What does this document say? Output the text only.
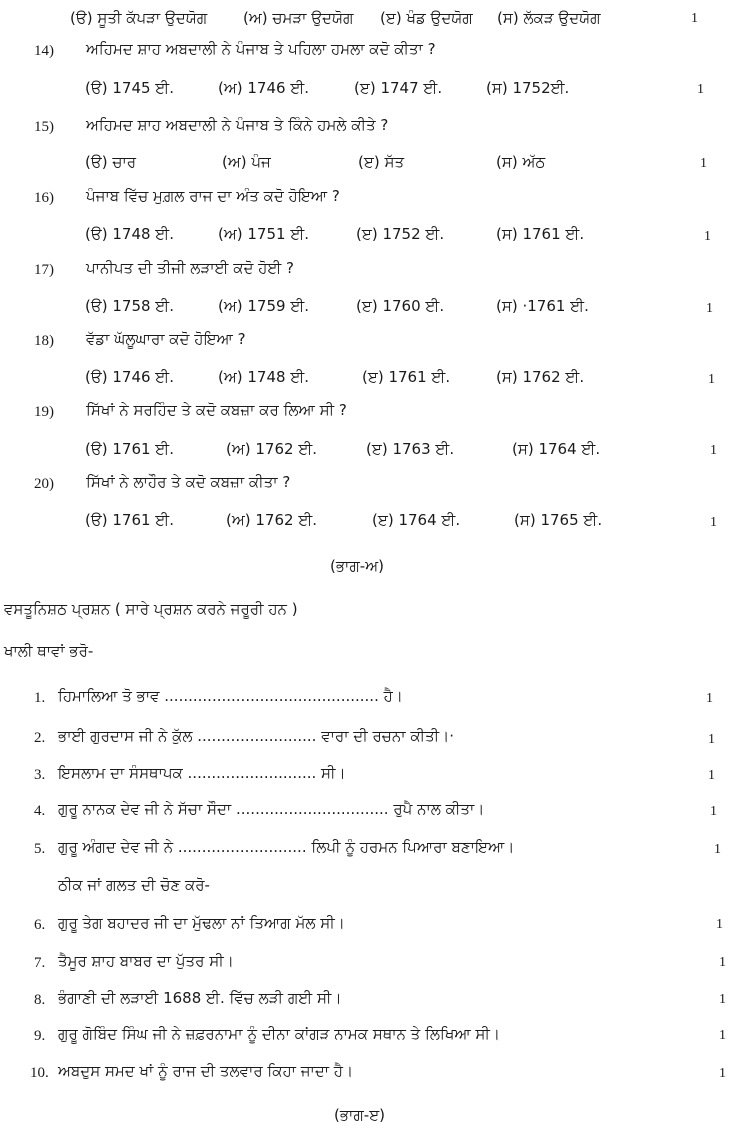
(ੳ) ਸੂਤੀ ਕੱਪੜਾ ਉਦਯੋਗ (ਅ) ਚਮੜਾ ਉਦਯੋਗ (ੲ) ਖੰਡ ਉਦਯੋਗ (ਸ) ਲੱਕੜ ਉਦਯੋਗ	1
14) ਅਹਿਮਦ ਸ਼ਾਹ ਅਬਦਾਲੀ ਨੇ ਪੰਜਾਬ ਤੇ ਪਹਿਲਾ ਹਮਲਾ ਕਦੋ ਕੀਤਾ ?
(ੳ) 1745 ਈ.	(ਅ) 1746 ਈ.	(ੲ) 1747 ਈ.	(ਸ) 1752ਈ.	1
15) ਅਹਿਮਦ ਸ਼ਾਹ ਅਬਦਾਲੀ ਨੇ ਪੰਜਾਬ ਤੇ ਕਿੰਨੇ ਹਮਲੇ ਕੀਤੇ ?
(ੳ) ਚਾਰ	(ਅ) ਪੰਜ	(ੲ) ਸੱਤ	(ਸ) ਅੱਠ	1
16) ਪੰਜਾਬ ਵਿੱਚ ਮੁਗ਼ਲ ਰਾਜ ਦਾ ਅੰਤ ਕਦੋ ਹੋਇਆ ?
(ੳ) 1748 ਈ.	(ਅ) 1751 ਈ.	(ੲ) 1752 ਈ.	(ਸ) 1761 ਈ.	1
17) ਪਾਨੀਪਤ ਦੀ ਤੀਜੀ ਲੜਾਈ ਕਦੋ ਹੋਈ ?
(ੳ) 1758 ਈ.	(ਅ) 1759 ਈ.	(ੲ) 1760 ਈ.	(ਸ) ·1761 ਈ.	1
18) ਵੱਡਾ ਘੱਲੂਘਾਰਾ ਕਦੋ ਹੋਇਆ ?
(ੳ) 1746 ਈ.	(ਅ) 1748 ਈ.	(ੲ) 1761 ਈ.	(ਸ) 1762 ਈ.	1
19) ਸਿੱਖਾਂ ਨੇ ਸਰਹਿੰਦ ਤੇ ਕਦੋ ਕਬਜ਼ਾ ਕਰ ਲਿਆ ਸੀ ?
(ੳ) 1761 ਈ.	(ਅ) 1762 ਈ.	(ੲ) 1763 ਈ.	(ਸ) 1764 ਈ.	1
20) ਸਿੱਖਾਂ ਨੇ ਲਾਹੌਰ ਤੇ ਕਦੋ ਕਬਜ਼ਾ ਕੀਤਾ ?
(ੳ) 1761 ਈ.	(ਅ) 1762 ਈ.	(ੲ) 1764 ਈ.	(ਸ) 1765 ਈ.	1
(ਭਾਗ-ਅ)
ਵਸਤੂਨਿਸ਼ਠ ਪ੍ਰਸ਼ਨ ( ਸਾਰੇ ਪ੍ਰਸ਼ਨ ਕਰਨੇ ਜਰੂਰੀ ਹਨ )
ਖਾਲੀ ਥਾਵਾਂ ਭਰੋ-
1. ਹਿਮਾਲਿਆ ਤੋ ਭਾਵ ............................................. ਹੈ।	1
2. ਭਾਈ ਗੁਰਦਾਸ ਜੀ ਨੇ ਕੁੱਲ ......................... ਵਾਰਾ ਦੀ ਰਚਨਾ ਕੀਤੀ।·	1
3. ਇਸਲਾਮ ਦਾ ਸੰਸਥਾਪਕ ........................... ਸੀ।	1
4. ਗੁਰੂ ਨਾਨਕ ਦੇਵ ਜੀ ਨੇ ਸੱਚਾ ਸੌਦਾ ................................ ਰੁਪੈ ਨਾਲ ਕੀਤਾ।	1
5. ਗੁਰੂ ਅੰਗਦ ਦੇਵ ਜੀ ਨੇ ........................... ਲਿਪੀ ਨੂੰ ਹਰਮਨ ਪਿਆਰਾ ਬਣਾਇਆ।	1
ਠੀਕ ਜਾਂ ਗਲਤ ਦੀ ਚੋਣ ਕਰੋ-
6. ਗੁਰੂ ਤੇਗ ਬਹਾਦਰ ਜੀ ਦਾ ਮੁੱਢਲਾ ਨਾਂ ਤਿਆਗ ਮੱਲ ਸੀ।	1
7. ਤੈਮੂਰ ਸ਼ਾਹ ਬਾਬਰ ਦਾ ਪੁੱਤਰ ਸੀ।	1
8. ਭੰਗਾਣੀ ਦੀ ਲੜਾਈ 1688 ਈ. ਵਿੱਚ ਲੜੀ ਗਈ ਸੀ।	1
9. ਗੁਰੂ ਗੋਬਿੰਦ ਸਿੰਘ ਜੀ ਨੇ ਜ਼ਫ਼ਰਨਾਮਾ ਨੂੰ ਦੀਨਾ ਕਾਂਗੜ ਨਾਮਕ ਸਥਾਨ ਤੇ ਲਿਖਿਆ ਸੀ।	1
10. ਅਬਦੁਸ ਸਮਦ ਖਾਂ ਨੂੰ ਰਾਜ ਦੀ ਤਲਵਾਰ ਕਿਹਾ ਜਾਦਾ ਹੈ।	1
(ਭਾਗ-ੲ)
